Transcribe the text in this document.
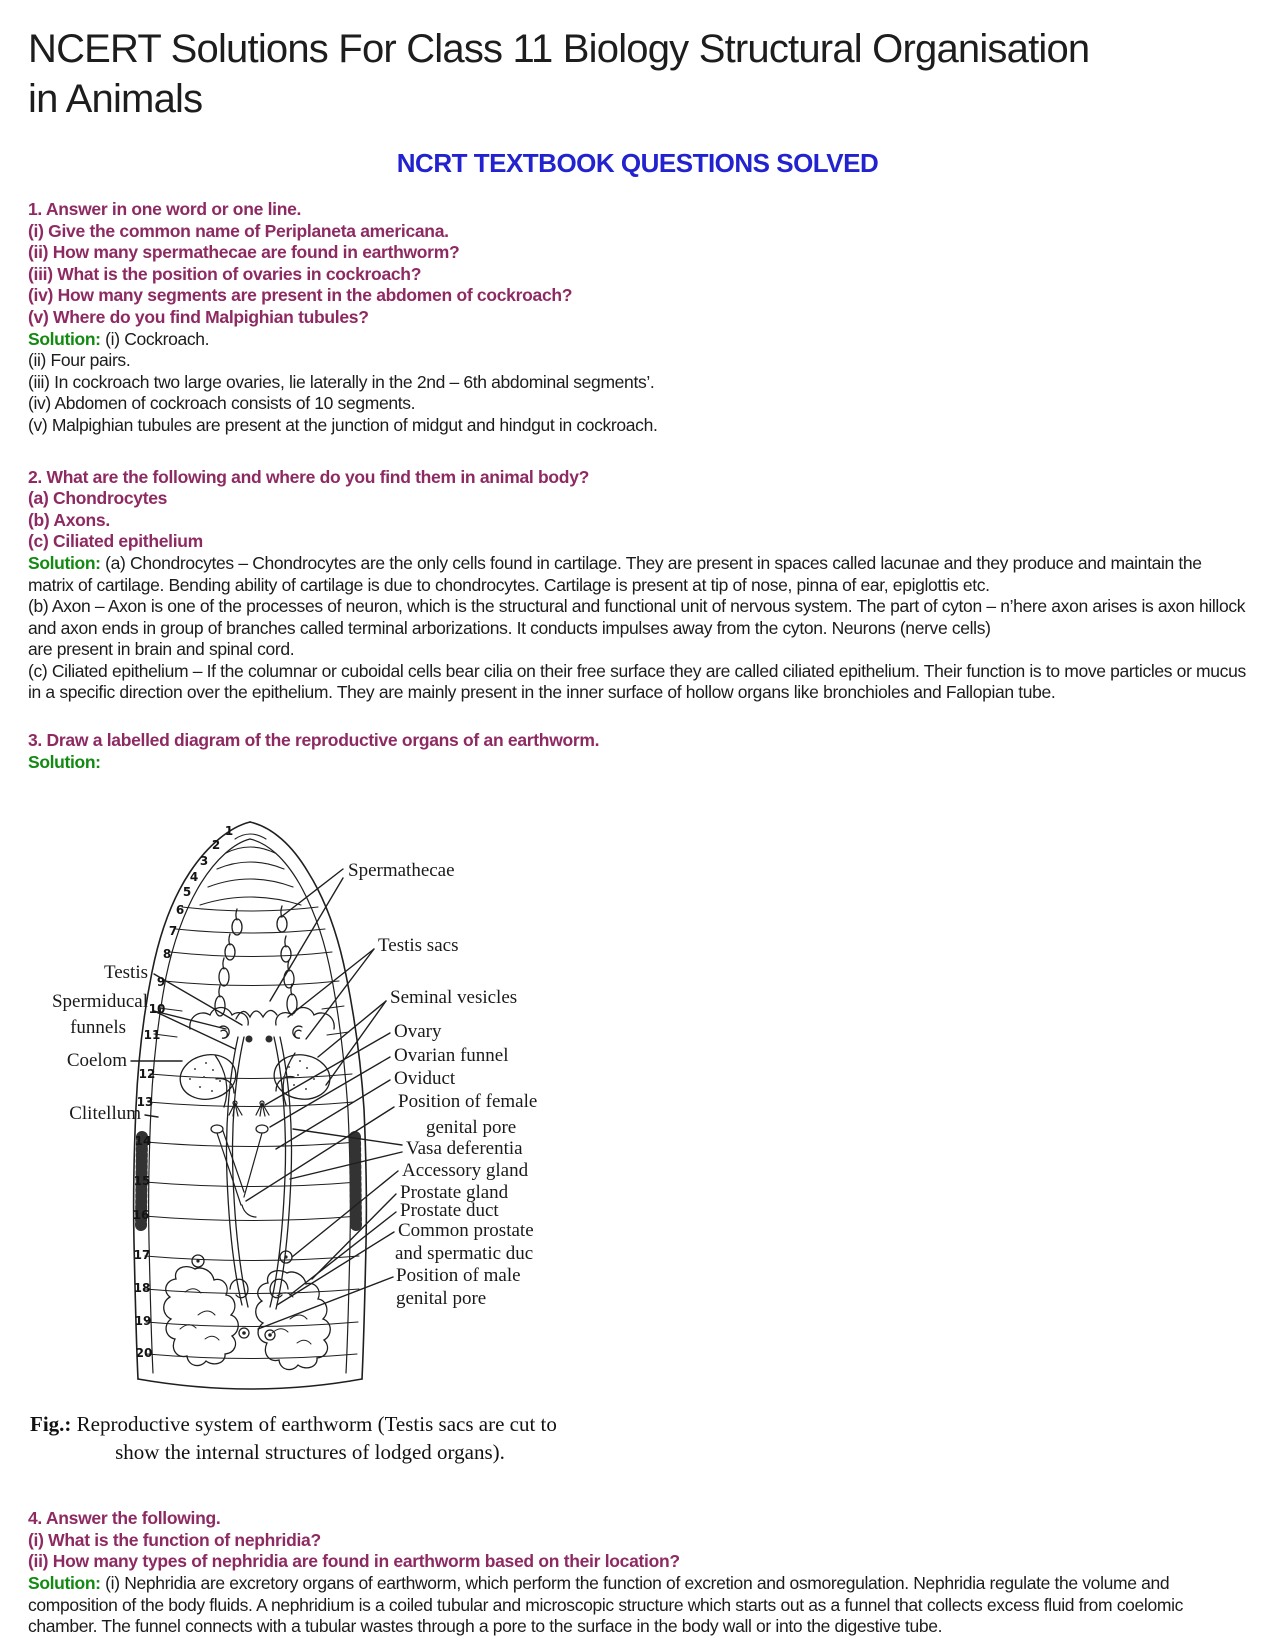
NCERT Solutions For Class 11 Biology Structural Organisation
in Animals
NCRT TEXTBOOK QUESTIONS SOLVED
1. Answer in one word or one line.
(i) Give the common name of Periplaneta americana.
(ii) How many spermathecae are found in earthworm?
(iii) What is the position of ovaries in cockroach?
(iv) How many segments are present in the abdomen of cockroach?
(v) Where do you find Malpighian tubules?
Solution: (i) Cockroach.
(ii) Four pairs.
(iii) In cockroach two large ovaries, lie laterally in the 2nd – 6th abdominal segments’.
(iv) Abdomen of cockroach consists of 10 segments.
(v) Malpighian tubules are present at the junction of midgut and hindgut in cockroach.
2. What are the following and where do you find them in animal body?
(a) Chondrocytes
(b) Axons.
(c) Ciliated epithelium
Solution: (a) Chondrocytes – Chondrocytes are the only cells found in cartilage. They are present in spaces called lacunae and they produce and maintain the matrix of cartilage. Bending ability of cartilage is due to chondrocytes. Cartilage is present at tip of nose, pinna of ear, epiglottis etc.
(b) Axon – Axon is one of the processes of neuron, which is the structural and functional unit of nervous system. The part of cyton – n’here axon arises is axon hillock and axon ends in group of branches called terminal arborizations. It conducts impulses away from the cyton. Neurons (nerve cells)
are present in brain and spinal cord.
(c) Ciliated epithelium – If the columnar or cuboidal cells bear cilia on their free surface they are called ciliated epithelium. Their function is to move particles or mucus in a specific direction over the epithelium. They are mainly present in the inner surface of hollow organs like bronchioles and Fallopian tube.
3. Draw a labelled diagram of the reproductive organs of an earthworm.
Solution:
1
2
3
4
5
6
7
8
9
10
11
12
13
14
15
16
17
18
19
20
Testis
Spermiducal
funnels
Coelom
Clitellum
Spermathecae
Testis sacs
Seminal vesicles
Ovary
Ovarian funnel
Oviduct
Position of female
genital pore
Vasa deferentia
Accessory gland
Prostate gland
Prostate duct
Common prostate
and spermatic duc
Position of male
genital pore
Fig.: Reproductive system of earthworm (Testis sacs are cut to
show the internal structures of lodged organs).
4. Answer the following.
(i) What is the function of nephridia?
(ii) How many types of nephridia are found in earthworm based on their location?
Solution: (i) Nephridia are excretory organs of earthworm, which perform the function of excretion and osmoregulation. Nephridia regulate the volume and composition of the body fluids. A nephridium is a coiled tubular and microscopic structure which starts out as a funnel that collects excess fluid from coelomic chamber. The funnel connects with a tubular wastes through a pore to the surface in the body wall or into the digestive tube.
